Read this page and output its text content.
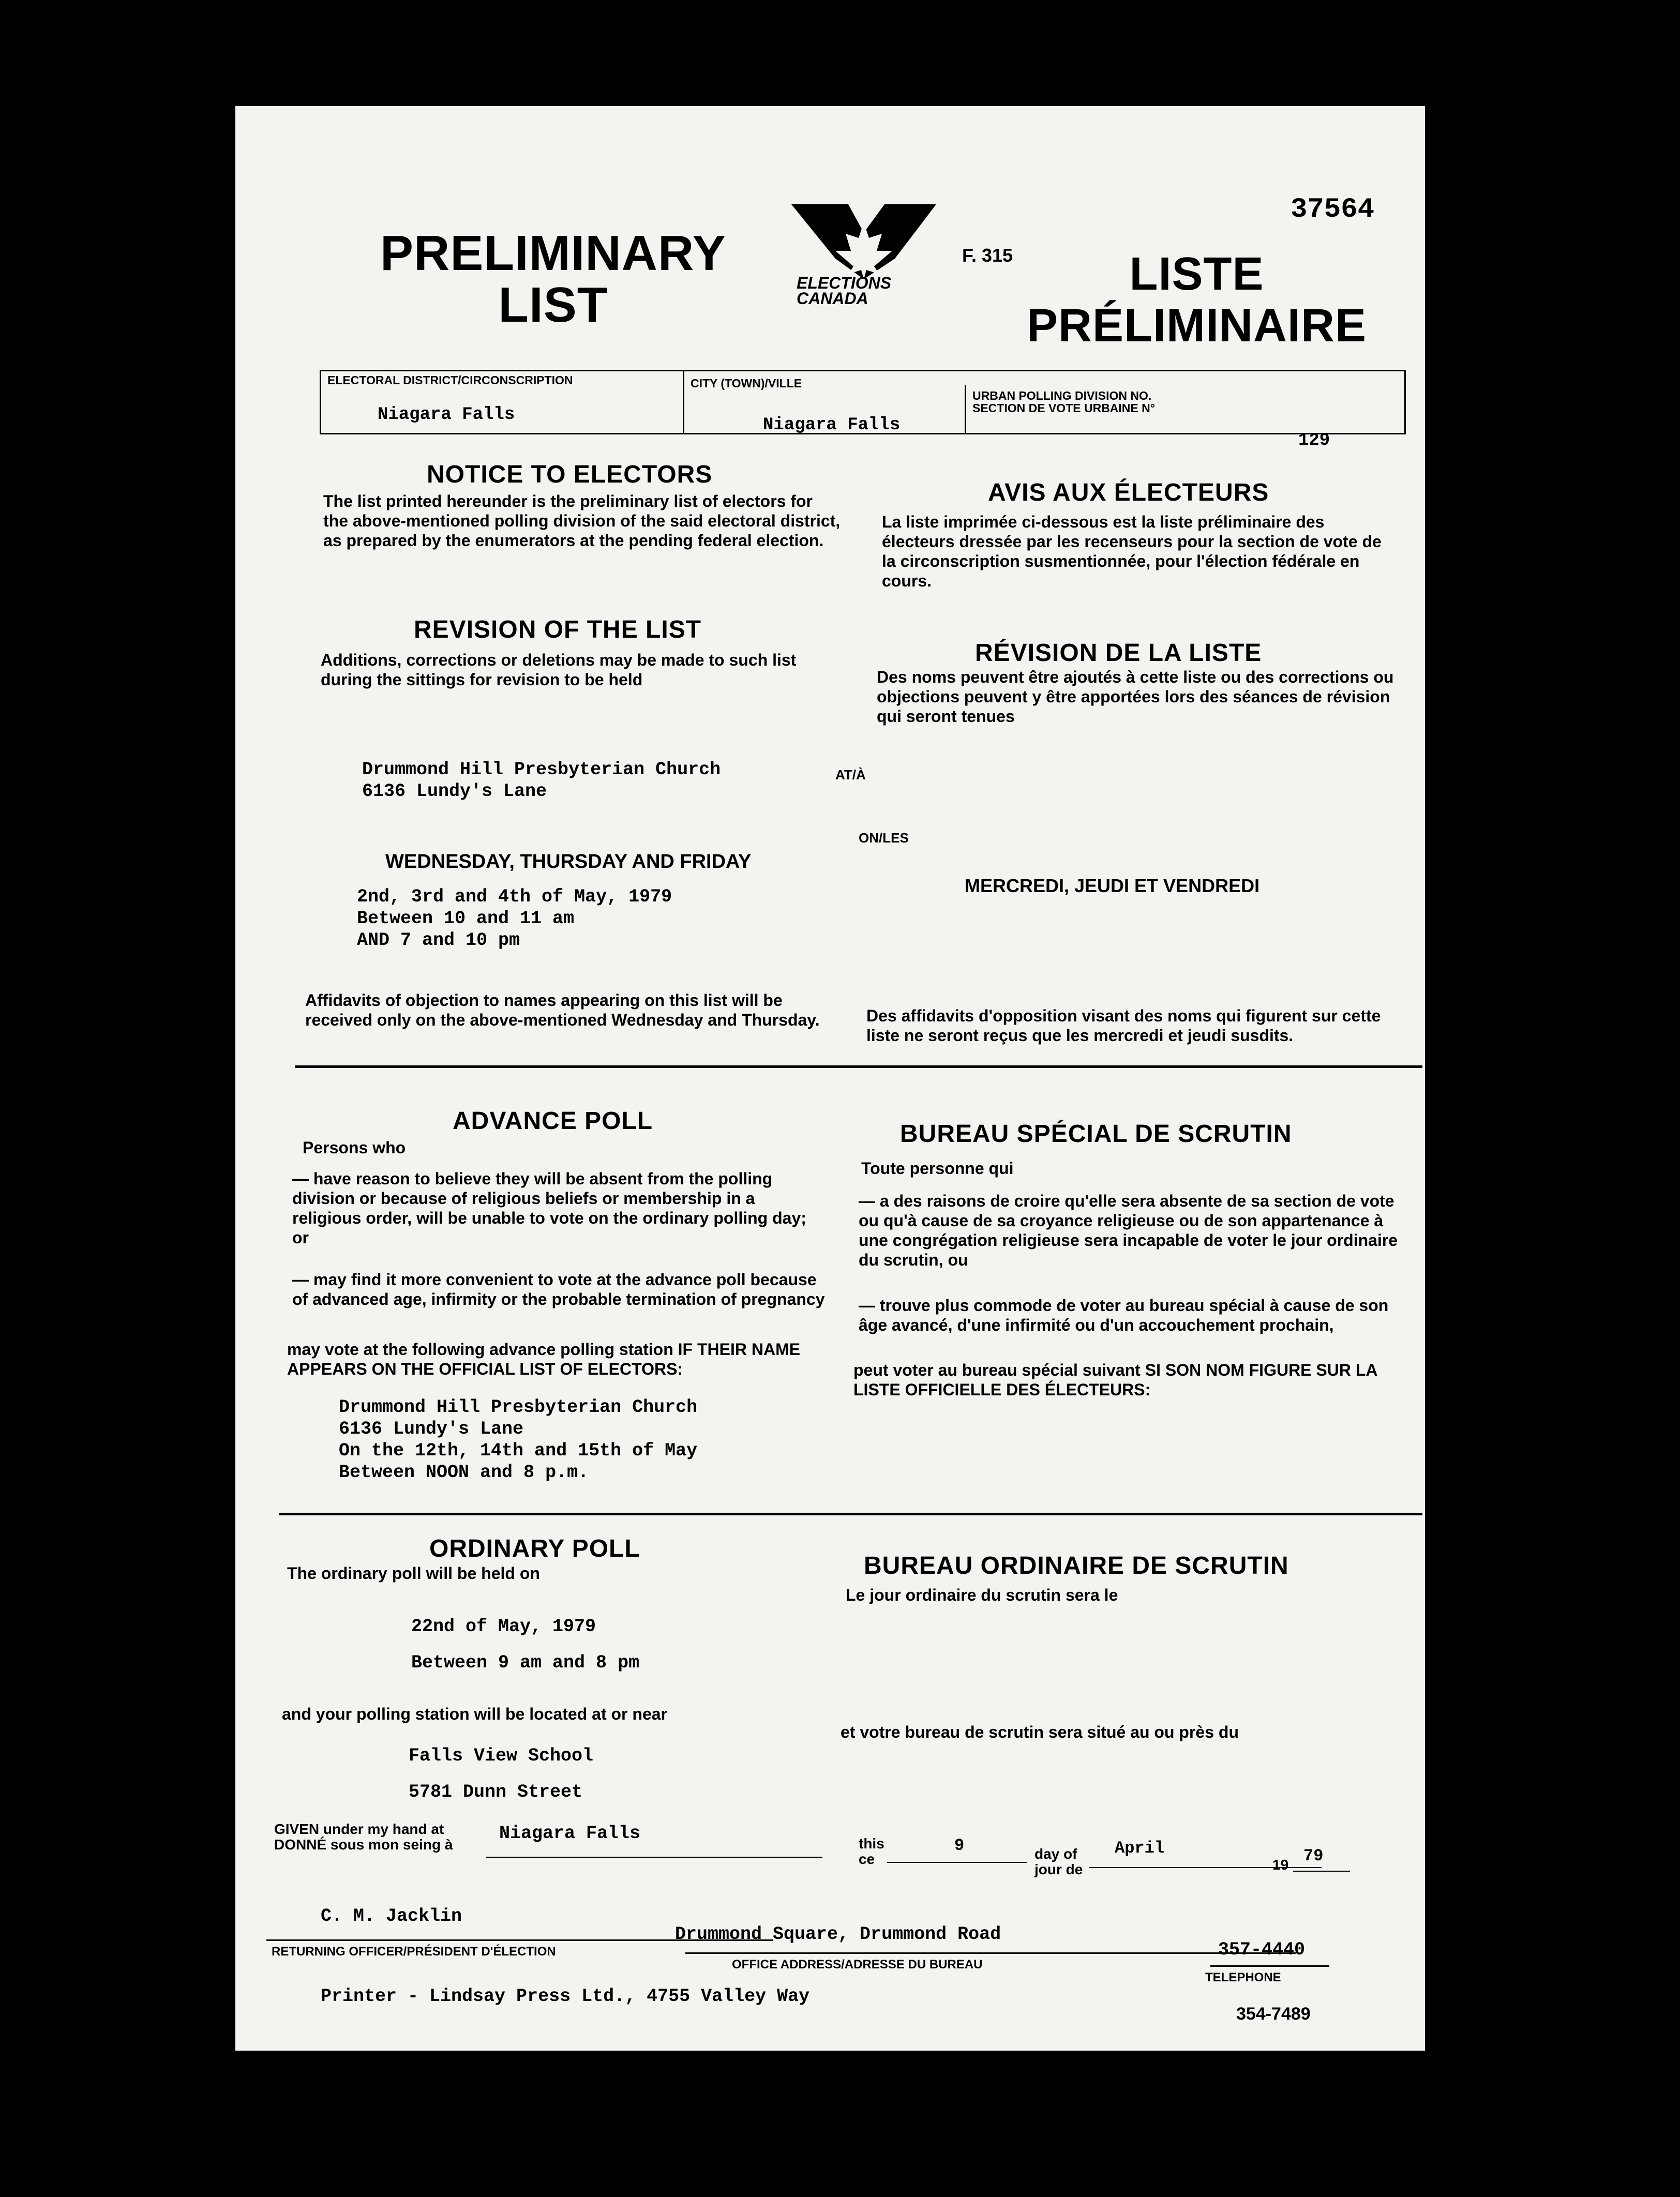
37564
PRELIMINARY
LIST	ELECTIONS
CANADA
F. 315	LISTE
PRÉLIMINAIRE
ELECTORAL DISTRICT/CIRCONSCRIPTION
Niagara Falls
CITY (TOWN)/VILLE
Niagara Falls
URBAN POLLING DIVISION NO.
SECTION DE VOTE URBAINE N°
129
NOTICE TO ELECTORS
The list printed hereunder is the preliminary list of electors for the above-mentioned polling division of the said electoral district, as prepared by the enumerators at the pending federal election.
AVIS AUX ÉLECTEURS
La liste imprimée ci-dessous est la liste préliminaire des électeurs dressée par les recenseurs pour la section de vote de la circonscription susmentionnée, pour l'élection fédérale en cours.
REVISION OF THE LIST
Additions, corrections or deletions may be made to such list during the sittings for revision to be held
RÉVISION DE LA LISTE
Des noms peuvent être ajoutés à cette liste ou des corrections ou objections peuvent y être apportées lors des séances de révision qui seront tenues
Drummond Hill Presbyterian Church
6136 Lundy's Lane
AT/À
ON/LES
WEDNESDAY, THURSDAY AND FRIDAY
MERCREDI, JEUDI ET VENDREDI
2nd, 3rd and 4th of May, 1979
Between 10 and 11 am
AND 7 and 10 pm
Affidavits of objection to names appearing on this list will be received only on the above-mentioned Wednesday and Thursday.	Des affidavits d'opposition visant des noms qui figurent sur cette liste ne seront reçus que les mercredi et jeudi susdits.
ADVANCE POLL	BUREAU SPÉCIAL DE SCRUTIN
Persons who
Toute personne qui
— have reason to believe they will be absent from the polling division or because of religious beliefs or membership in a religious order, will be unable to vote on the ordinary polling day; or
— may find it more convenient to vote at the advance poll because of advanced age, infirmity or the probable termination of pregnancy
— a des raisons de croire qu'elle sera absente de sa section de vote ou qu'à cause de sa croyance religieuse ou de son appartenance à une congrégation religieuse sera incapable de voter le jour ordinaire du scrutin, ou
— trouve plus commode de voter au bureau spécial à cause de son âge avancé, d'une infirmité ou d'un accouchement prochain,
may vote at the following advance polling station IF THEIR NAME APPEARS ON THE OFFICIAL LIST OF ELECTORS:	peut voter au bureau spécial suivant SI SON NOM FIGURE SUR LA LISTE OFFICIELLE DES ÉLECTEURS:
Drummond Hill Presbyterian Church
6136 Lundy's Lane
On the 12th, 14th and 15th of May
Between NOON and 8 p.m.
ORDINARY POLL
BUREAU ORDINAIRE DE SCRUTIN
The ordinary poll will be held on
Le jour ordinaire du scrutin sera le
22nd of May, 1979
Between 9 am and 8 pm
and your polling station will be located at or near
et votre bureau de scrutin sera situé au ou près du
Falls View School
5781 Dunn Street
GIVEN under my hand at
DONNÉ sous mon seing à
Niagara Falls	this
ce
9	day of
jour de
April
19 79
C. M. Jacklin
RETURNING OFFICER/PRÉSIDENT D'ÉLECTION
Drummond Square, Drummond Road
OFFICE ADDRESS/ADRESSE DU BUREAU
357-4440
TELEPHONE
Printer - Lindsay Press Ltd., 4755 Valley Way
354-7489
